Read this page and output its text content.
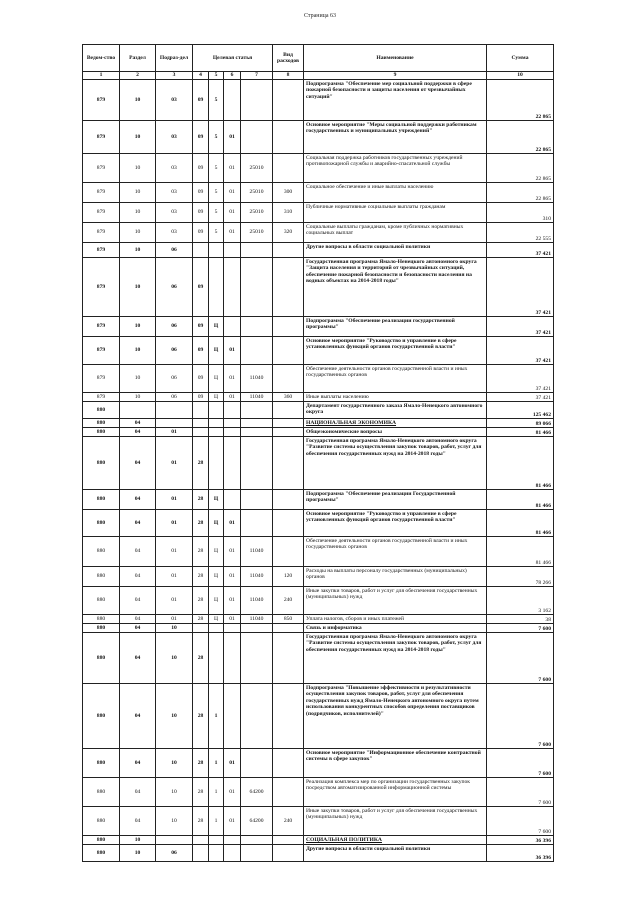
Страница 63
Ведом-ство	Раздел	Подраз-дел	Целевая статья				Вид расходов	Наименование	Сумма
1	2	3	4	5	6	7	8	9	10
879	10	03	09	5				Подпрограмма "Обеспечение мер социальной поддержки в сфере пожарной безопасности и защиты населения от чрезвычайных ситуаций"	22 865
879	10	03	09	5	01			Основное мероприятие "Меры социальной поддержки работникам государственных и муниципальных учреждений"	22 865
879	10	03	09	5	01	25010		Социальная поддержка работников государственных учреждений противопожарной службы и аварийно-спасательной службы	22 865
879	10	03	09	5	01	25010	300	Социальное обеспечение и иные выплаты населению	22 865
879	10	03	09	5	01	25010	310	Публичные нормативные социальные выплаты гражданам	310
879	10	03	09	5	01	25010	320	Социальные выплаты гражданам, кроме публичных нормативных социальных выплат	22 555
879	10	06						Другие вопросы в области социальной политики	37 421
879	10	06	09					Государственная программа Ямало-Ненецкого автономного округа "Защита населения и территорий от чрезвычайных ситуаций, обеспечение пожарной безопасности и безопасности населения на водных объектах на 2014-2018 годы"	37 421
879	10	06	09	Ц				Подпрограмма "Обеспечение реализации государственной программы"	37 421
879	10	06	09	Ц	01			Основное мероприятие "Руководство и управление в сфере установленных функций органов государственной власти"	37 421
879	10	06	09	Ц	01	11040		Обеспечение деятельности органов государственной власти и иных государственных органов	37 421
879	10	06	09	Ц	01	11040	360	Иные выплаты населению	37 421
880								Департамент государственного заказа Ямало-Ненецкого автономного округа	125 462
880	04							НАЦИОНАЛЬНАЯ ЭКОНОМИКА	89 066
880	04	01						Общеэкономические вопросы	81 466
880	04	01	28					Государственная программа Ямало-Ненецкого автономного округа "Развитие системы осуществления закупок товаров, работ, услуг для обеспечения государственных нужд на 2014-2018 годы"	81 466
880	04	01	28	Ц				Подпрограмма "Обеспечение реализации Государственной программы"	81 466
880	04	01	28	Ц	01			Основное мероприятие "Руководство и управление в сфере установленных функций органов государственной власти"	81 466
880	04	01	28	Ц	01	11040		Обеспечение деятельности органов государственной власти и иных государственных органов	81 466
880	04	01	28	Ц	01	11040	120	Расходы на выплаты персоналу государственных (муниципальных) органов	78 266
880	04	01	28	Ц	01	11040	240	Иные закупки товаров, работ и услуг для обеспечения государственных (муниципальных) нужд	3 162
880	04	01	28	Ц	01	11040	850	Уплата налогов, сборов и иных платежей	38
880	04	10						Связь и информатика	7 600
880	04	10	28					Государственная программа Ямало-Ненецкого автономного округа "Развитие системы осуществления закупок товаров, работ, услуг для обеспечения государственных нужд на 2014-2018 годы"	7 600
880	04	10	28	1				Подпрограмма "Повышение эффективности и результативности осуществления закупок товаров, работ, услуг для обеспечения государственных нужд Ямало-Ненецкого автономного округа путем использования конкурентных способов определения поставщиков (подрядчиков, исполнителей)"	7 600
880	04	10	28	1	01			Основное мероприятие "Информационное обеспечение контрактной системы в сфере закупок"	7 600
880	04	10	28	1	01	64200		Реализация комплекса мер по организации государственных закупок посредством автоматизированной информационной системы	7 600
880	04	10	28	1	01	64200	240	Иные закупки товаров, работ и услуг для обеспечения государственных (муниципальных) нужд	7 600
880	10							СОЦИАЛЬНАЯ ПОЛИТИКА	36 396
880	10	06						Другие вопросы в области социальной политики	36 396
